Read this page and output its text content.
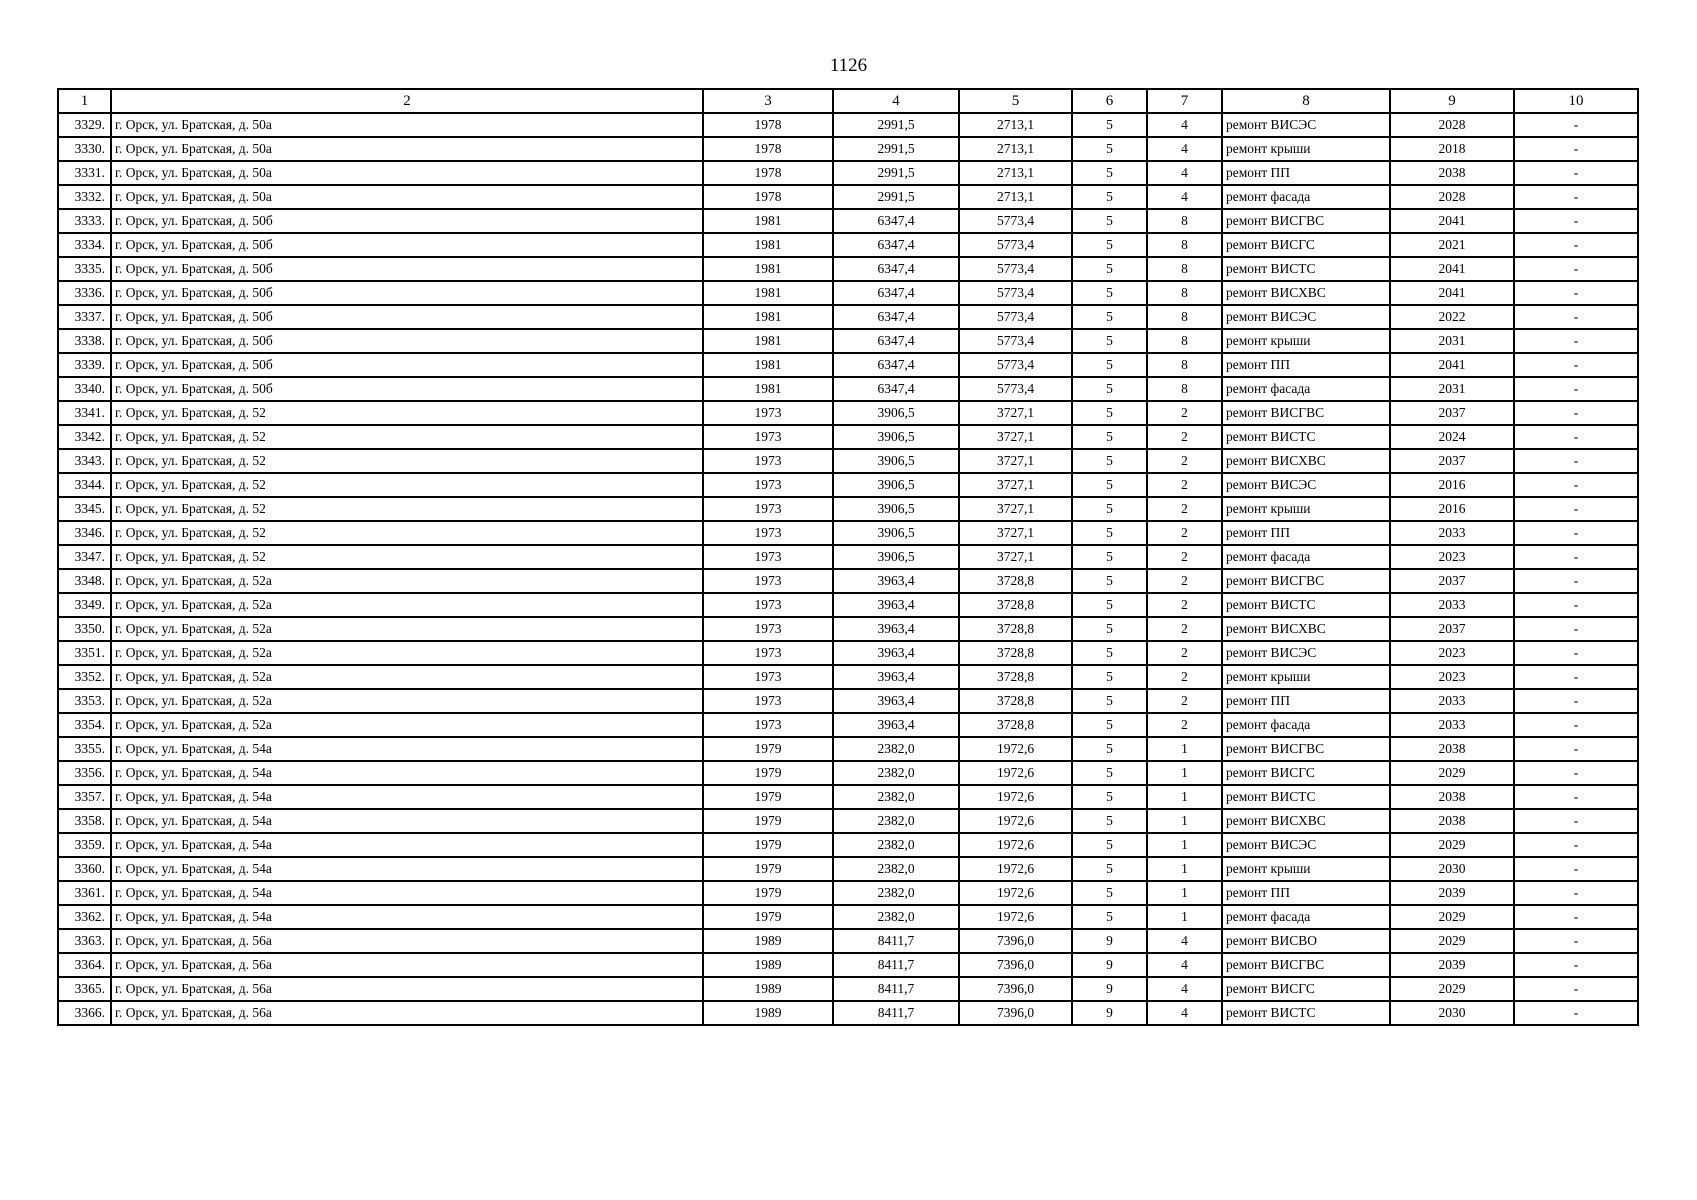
1126
1	2	3	4	5	6	7	8	9	10
3329.	г. Орск, ул. Братская, д. 50а	1978	2991,5	2713,1	5	4	ремонт ВИСЭС	2028	-
3330.	г. Орск, ул. Братская, д. 50а	1978	2991,5	2713,1	5	4	ремонт крыши	2018	-
3331.	г. Орск, ул. Братская, д. 50а	1978	2991,5	2713,1	5	4	ремонт ПП	2038	-
3332.	г. Орск, ул. Братская, д. 50а	1978	2991,5	2713,1	5	4	ремонт фасада	2028	-
3333.	г. Орск, ул. Братская, д. 50б	1981	6347,4	5773,4	5	8	ремонт ВИСГВС	2041	-
3334.	г. Орск, ул. Братская, д. 50б	1981	6347,4	5773,4	5	8	ремонт ВИСГС	2021	-
3335.	г. Орск, ул. Братская, д. 50б	1981	6347,4	5773,4	5	8	ремонт ВИСТС	2041	-
3336.	г. Орск, ул. Братская, д. 50б	1981	6347,4	5773,4	5	8	ремонт ВИСХВС	2041	-
3337.	г. Орск, ул. Братская, д. 50б	1981	6347,4	5773,4	5	8	ремонт ВИСЭС	2022	-
3338.	г. Орск, ул. Братская, д. 50б	1981	6347,4	5773,4	5	8	ремонт крыши	2031	-
3339.	г. Орск, ул. Братская, д. 50б	1981	6347,4	5773,4	5	8	ремонт ПП	2041	-
3340.	г. Орск, ул. Братская, д. 50б	1981	6347,4	5773,4	5	8	ремонт фасада	2031	-
3341.	г. Орск, ул. Братская, д. 52	1973	3906,5	3727,1	5	2	ремонт ВИСГВС	2037	-
3342.	г. Орск, ул. Братская, д. 52	1973	3906,5	3727,1	5	2	ремонт ВИСТС	2024	-
3343.	г. Орск, ул. Братская, д. 52	1973	3906,5	3727,1	5	2	ремонт ВИСХВС	2037	-
3344.	г. Орск, ул. Братская, д. 52	1973	3906,5	3727,1	5	2	ремонт ВИСЭС	2016	-
3345.	г. Орск, ул. Братская, д. 52	1973	3906,5	3727,1	5	2	ремонт крыши	2016	-
3346.	г. Орск, ул. Братская, д. 52	1973	3906,5	3727,1	5	2	ремонт ПП	2033	-
3347.	г. Орск, ул. Братская, д. 52	1973	3906,5	3727,1	5	2	ремонт фасада	2023	-
3348.	г. Орск, ул. Братская, д. 52а	1973	3963,4	3728,8	5	2	ремонт ВИСГВС	2037	-
3349.	г. Орск, ул. Братская, д. 52а	1973	3963,4	3728,8	5	2	ремонт ВИСТС	2033	-
3350.	г. Орск, ул. Братская, д. 52а	1973	3963,4	3728,8	5	2	ремонт ВИСХВС	2037	-
3351.	г. Орск, ул. Братская, д. 52а	1973	3963,4	3728,8	5	2	ремонт ВИСЭС	2023	-
3352.	г. Орск, ул. Братская, д. 52а	1973	3963,4	3728,8	5	2	ремонт крыши	2023	-
3353.	г. Орск, ул. Братская, д. 52а	1973	3963,4	3728,8	5	2	ремонт ПП	2033	-
3354.	г. Орск, ул. Братская, д. 52а	1973	3963,4	3728,8	5	2	ремонт фасада	2033	-
3355.	г. Орск, ул. Братская, д. 54а	1979	2382,0	1972,6	5	1	ремонт ВИСГВС	2038	-
3356.	г. Орск, ул. Братская, д. 54а	1979	2382,0	1972,6	5	1	ремонт ВИСГС	2029	-
3357.	г. Орск, ул. Братская, д. 54а	1979	2382,0	1972,6	5	1	ремонт ВИСТС	2038	-
3358.	г. Орск, ул. Братская, д. 54а	1979	2382,0	1972,6	5	1	ремонт ВИСХВС	2038	-
3359.	г. Орск, ул. Братская, д. 54а	1979	2382,0	1972,6	5	1	ремонт ВИСЭС	2029	-
3360.	г. Орск, ул. Братская, д. 54а	1979	2382,0	1972,6	5	1	ремонт крыши	2030	-
3361.	г. Орск, ул. Братская, д. 54а	1979	2382,0	1972,6	5	1	ремонт ПП	2039	-
3362.	г. Орск, ул. Братская, д. 54а	1979	2382,0	1972,6	5	1	ремонт фасада	2029	-
3363.	г. Орск, ул. Братская, д. 56а	1989	8411,7	7396,0	9	4	ремонт ВИСВО	2029	-
3364.	г. Орск, ул. Братская, д. 56а	1989	8411,7	7396,0	9	4	ремонт ВИСГВС	2039	-
3365.	г. Орск, ул. Братская, д. 56а	1989	8411,7	7396,0	9	4	ремонт ВИСГС	2029	-
3366.	г. Орск, ул. Братская, д. 56а	1989	8411,7	7396,0	9	4	ремонт ВИСТС	2030	-
